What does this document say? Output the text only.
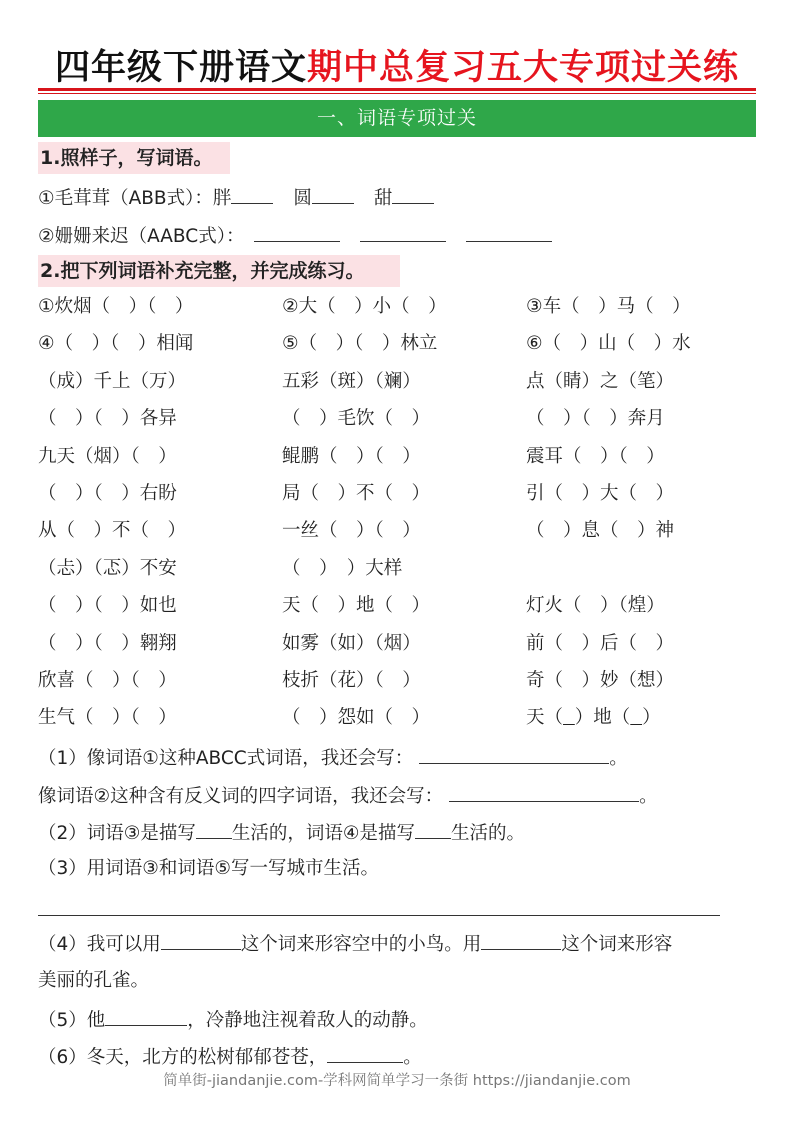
四年级下册语文期中总复习五大专项过关练
一、词语专项过关
1.照样子，写词语。
①毛茸茸（ABB式）：胖	圆	甜
②姗姗来迟（AABC式）：
2.把下列词语补充完整，并完成练习。
①炊烟（　）（　）	②大（　）小（　）	③车（　）马（　）
④（　）（　）相闻	⑤（　）（　）林立	⑥（　）山（　）水
（成）千上（万）	五彩（斑）（斓）	点（睛）之（笔）
（　）（　）各异	（　）毛饮（　）	（　）（　）奔月
九天（烟）（　）	鲲鹏（　）（　）	震耳（　）（　）
（　）（　）右盼	局（　）不（　）	引（　）大（　）
从（　）不（　）	一丝（　）（　）	（　）息（　）神
（忐）（忑）不安	（　）　）大样
（　）（　）如也	天（　）地（　）	灯火（　）（煌）
（　）（　）翱翔	如雾（如）（烟）	前（　）后（　）
欣喜（　）（　）	枝折（花）（　）	奇（　）妙（想）
生气（　）（　）	（　）怨如（　）	天（ ）地（ ）
（1）像词语①这种ABCC式词语，我还会写：	。
像词语②这种含有反义词的四字词语，我还会写：	。
（2）词语③是描写 生活的，词语④是描写 生活的。
（3）用词语③和词语⑤写一写城市生活。
（4）我可以用	这个词来形容空中的小鸟。用	这个词来形容
美丽的孔雀。
（5）他	，冷静地注视着敌人的动静。
（6）冬天，北方的松树郁郁苍苍，	。
简单街-jiandanjie.com-学科网简单学习一条街 https://jiandanjie.com
